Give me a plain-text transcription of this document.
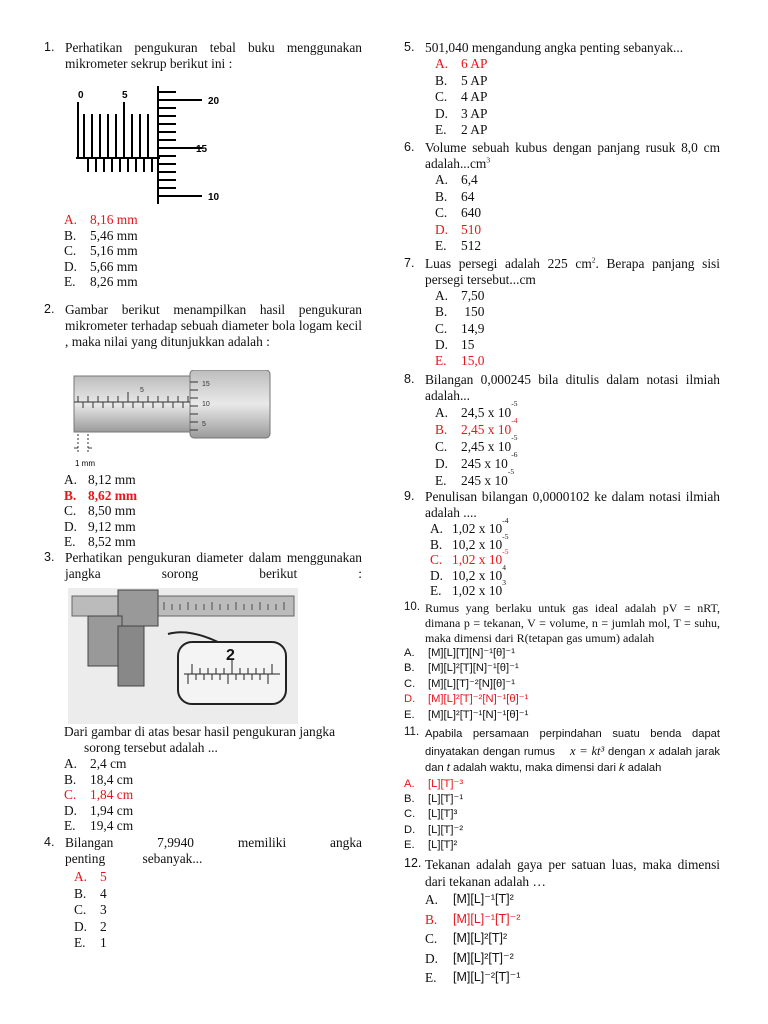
1. Perhatikan pengukuran tebal buku menggunakan mikrometer sekrup berikut ini :
0	5
20
15
10
A. 8,16 mm
B.	5,46 mm
C.	5,16 mm
D. 5,66 mm
E.	8,26 mm
2. Gambar berikut menampilkan hasil pengukuran mikrometer terhadap sebuah diameter bola logam kecil , maka nilai yang ditunjukkan adalah :
5
15
10
5
1 mm
A. 8,12 mm
B. 8,62 mm
C. 8,50 mm
D. 9,12 mm
E. 8,52 mm
3. Perhatikan pengukuran diameter dalam menggunakan jangka sorong berikut :
2
Dari gambar di atas besar hasil pengukuran jangka
sorong tersebut adalah ...
A. 2,4 cm
B.	18,4 cm
C.	1,84 cm
D. 1,94 cm
E.	19,4 cm
4. Bilangan 7,9940 memiliki angka penting sebanyak...
A. 5
B.	4
C.	3
D. 2
E.	1
5. 501,040 mengandung angka penting sebanyak...
A. 6 AP
B.	5 AP
C.	4 AP
D. 3 AP
E.	2 AP
6. Volume sebuah kubus dengan panjang rusuk 8,0 cm $adalah...cm^3$
A. 6,4
B.	64
C.	640
D. 510
E.	512
7. Luas persegi adalah 225 $cm^2$. Berapa panjang sisi persegi tersebut...cm
A. 7,50
B.	150
C.	14,9
D. 15
E.	15,0
8. Bilangan 0,000245 bila ditulis dalam notasi ilmiah adalah...
A. 24,5 x 10
-5
B.	2,45 x 10
-4
C.	2,45 x 10
-5
D. 245 x 10
-6
E.	245 x 10
-5
9. Penulisan bilangan 0,0000102 ke dalam notasi ilmiah adalah ....
A. 1,02 x 10
-4
B. 10,2 x 10
-5
C. 1,02 x 10
-5
D. 10,2 x 10
4
E. 1,02 x 10
3
10. Rumus yang berlaku untuk gas ideal adalah pV = nRT, dimana p = tekanan, V = volume, n = jumlah mol, T = suhu, maka dimensi dari R(tetapan gas umum) adalah
A.	[M][L][T][N]⁻¹[θ]⁻¹
B.	[M][L]²[T][N]⁻¹[θ]⁻¹
C.	[M][L][T]⁻²[N][θ]⁻¹
D.	[M][L]²[T]⁻²[N]⁻¹[θ]⁻¹
E.	[M][L]²[T]⁻¹[N]⁻¹[θ]⁻¹
11. Apabila persamaan perpindahan suatu benda dapat dinyatakan dengan rumus x = kt³ dengan x adalah jarak dan t adalah waktu, maka dimensi dari k adalah
A.	[L][T]⁻³
B.	[L][T]⁻¹
C.	[L][T]³
D.	[L][T]⁻²
E.	[L][T]²
12. Tekanan adalah gaya per satuan luas, maka dimensi dari tekanan adalah …
A.	[M][L]⁻¹[T]²
B.	[M][L]⁻¹[T]⁻²
C.	[M][L]²[T]²
D.	[M][L]²[T]⁻²
E.	[M][L]⁻²[T]⁻¹
